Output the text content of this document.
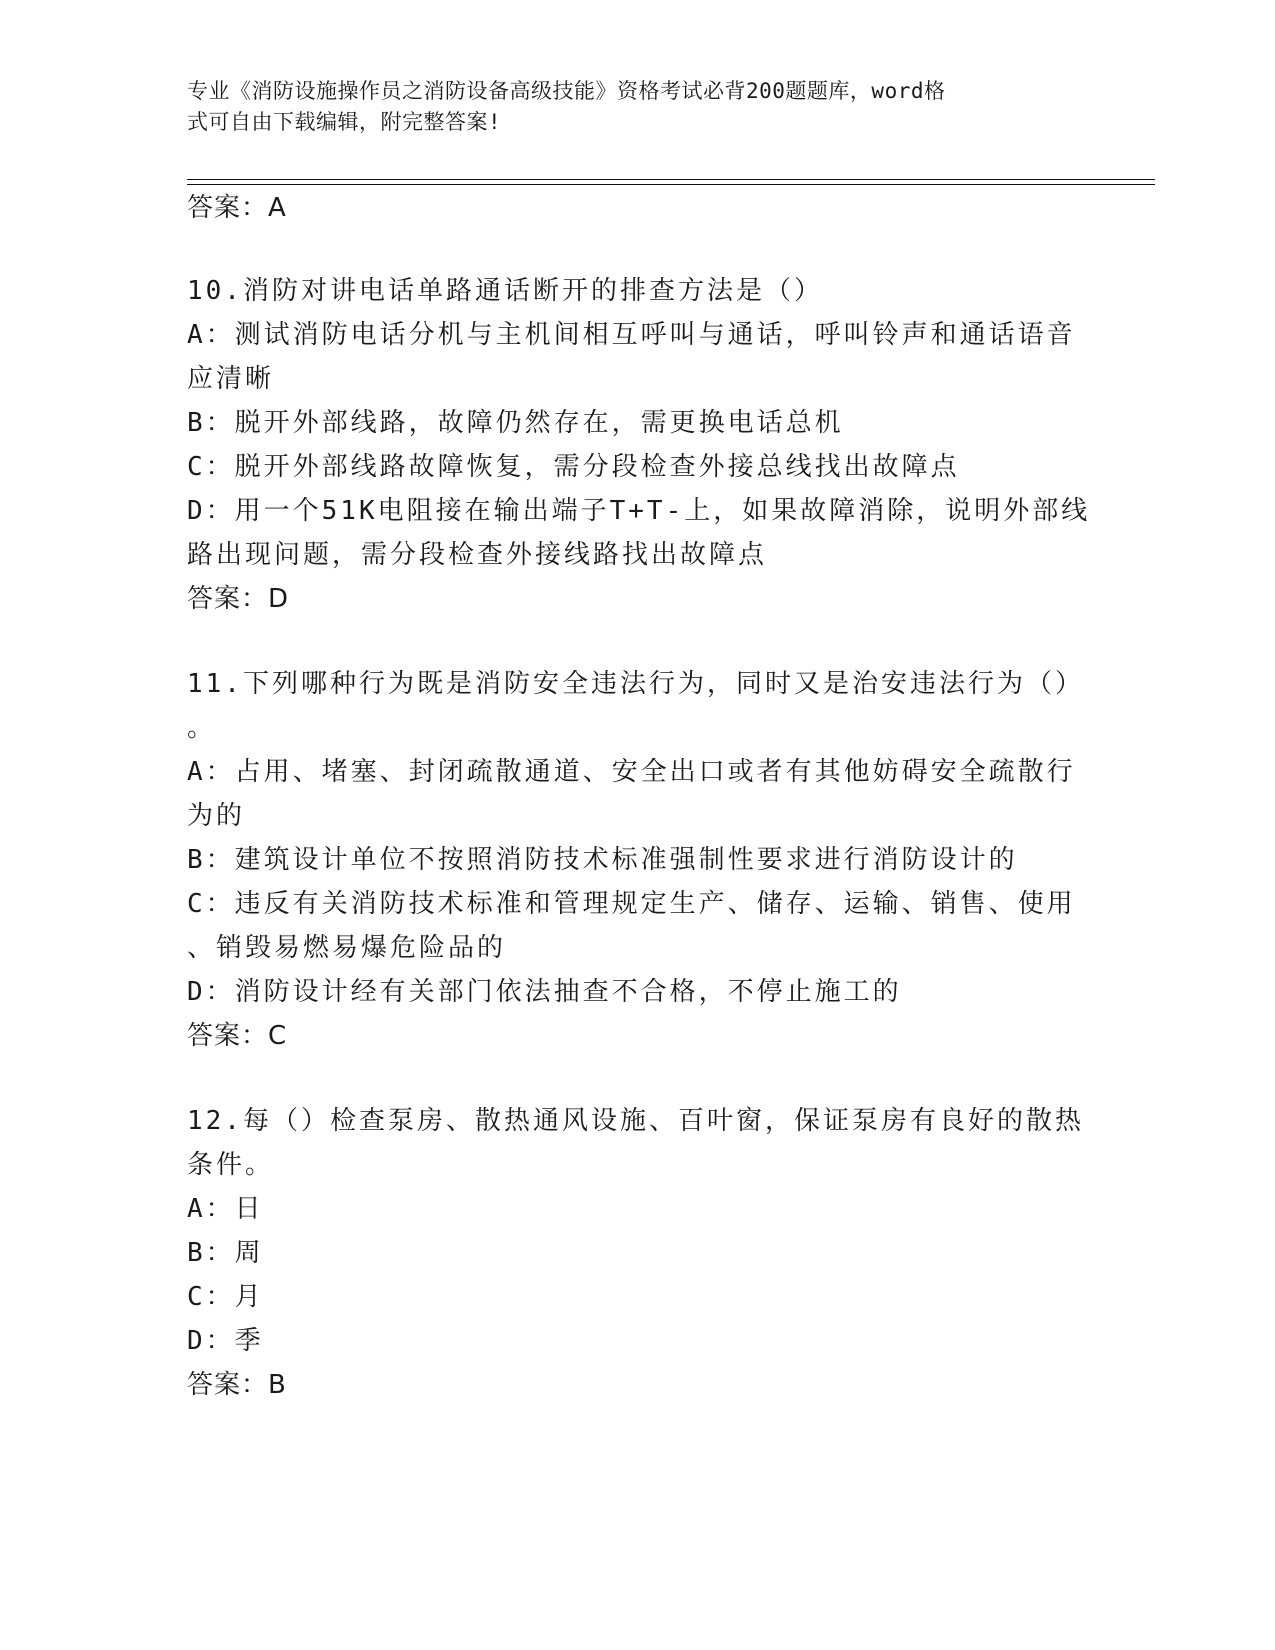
专业《消防设施操作员之消防设备高级技能》资格考试必背200题题库，word格
式可自由下载编辑，附完整答案!
答案：A
10.消防对讲电话单路通话断开的排查方法是（）
A：测试消防电话分机与主机间相互呼叫与通话，呼叫铃声和通话语音
应清晰
B：脱开外部线路，故障仍然存在，需更换电话总机
C：脱开外部线路故障恢复，需分段检查外接总线找出故障点
D：用一个51K电阻接在输出端子T+T-上，如果故障消除，说明外部线
路出现问题，需分段检查外接线路找出故障点
答案：D
11.下列哪种行为既是消防安全违法行为，同时又是治安违法行为（）
。
A：占用、堵塞、封闭疏散通道、安全出口或者有其他妨碍安全疏散行
为的
B：建筑设计单位不按照消防技术标准强制性要求进行消防设计的
C：违反有关消防技术标准和管理规定生产、储存、运输、销售、使用
、销毁易燃易爆危险品的
D：消防设计经有关部门依法抽查不合格，不停止施工的
答案：C
12.每（）检查泵房、散热通风设施、百叶窗，保证泵房有良好的散热
条件。
A：日
B：周
C：月
D：季
答案：B
